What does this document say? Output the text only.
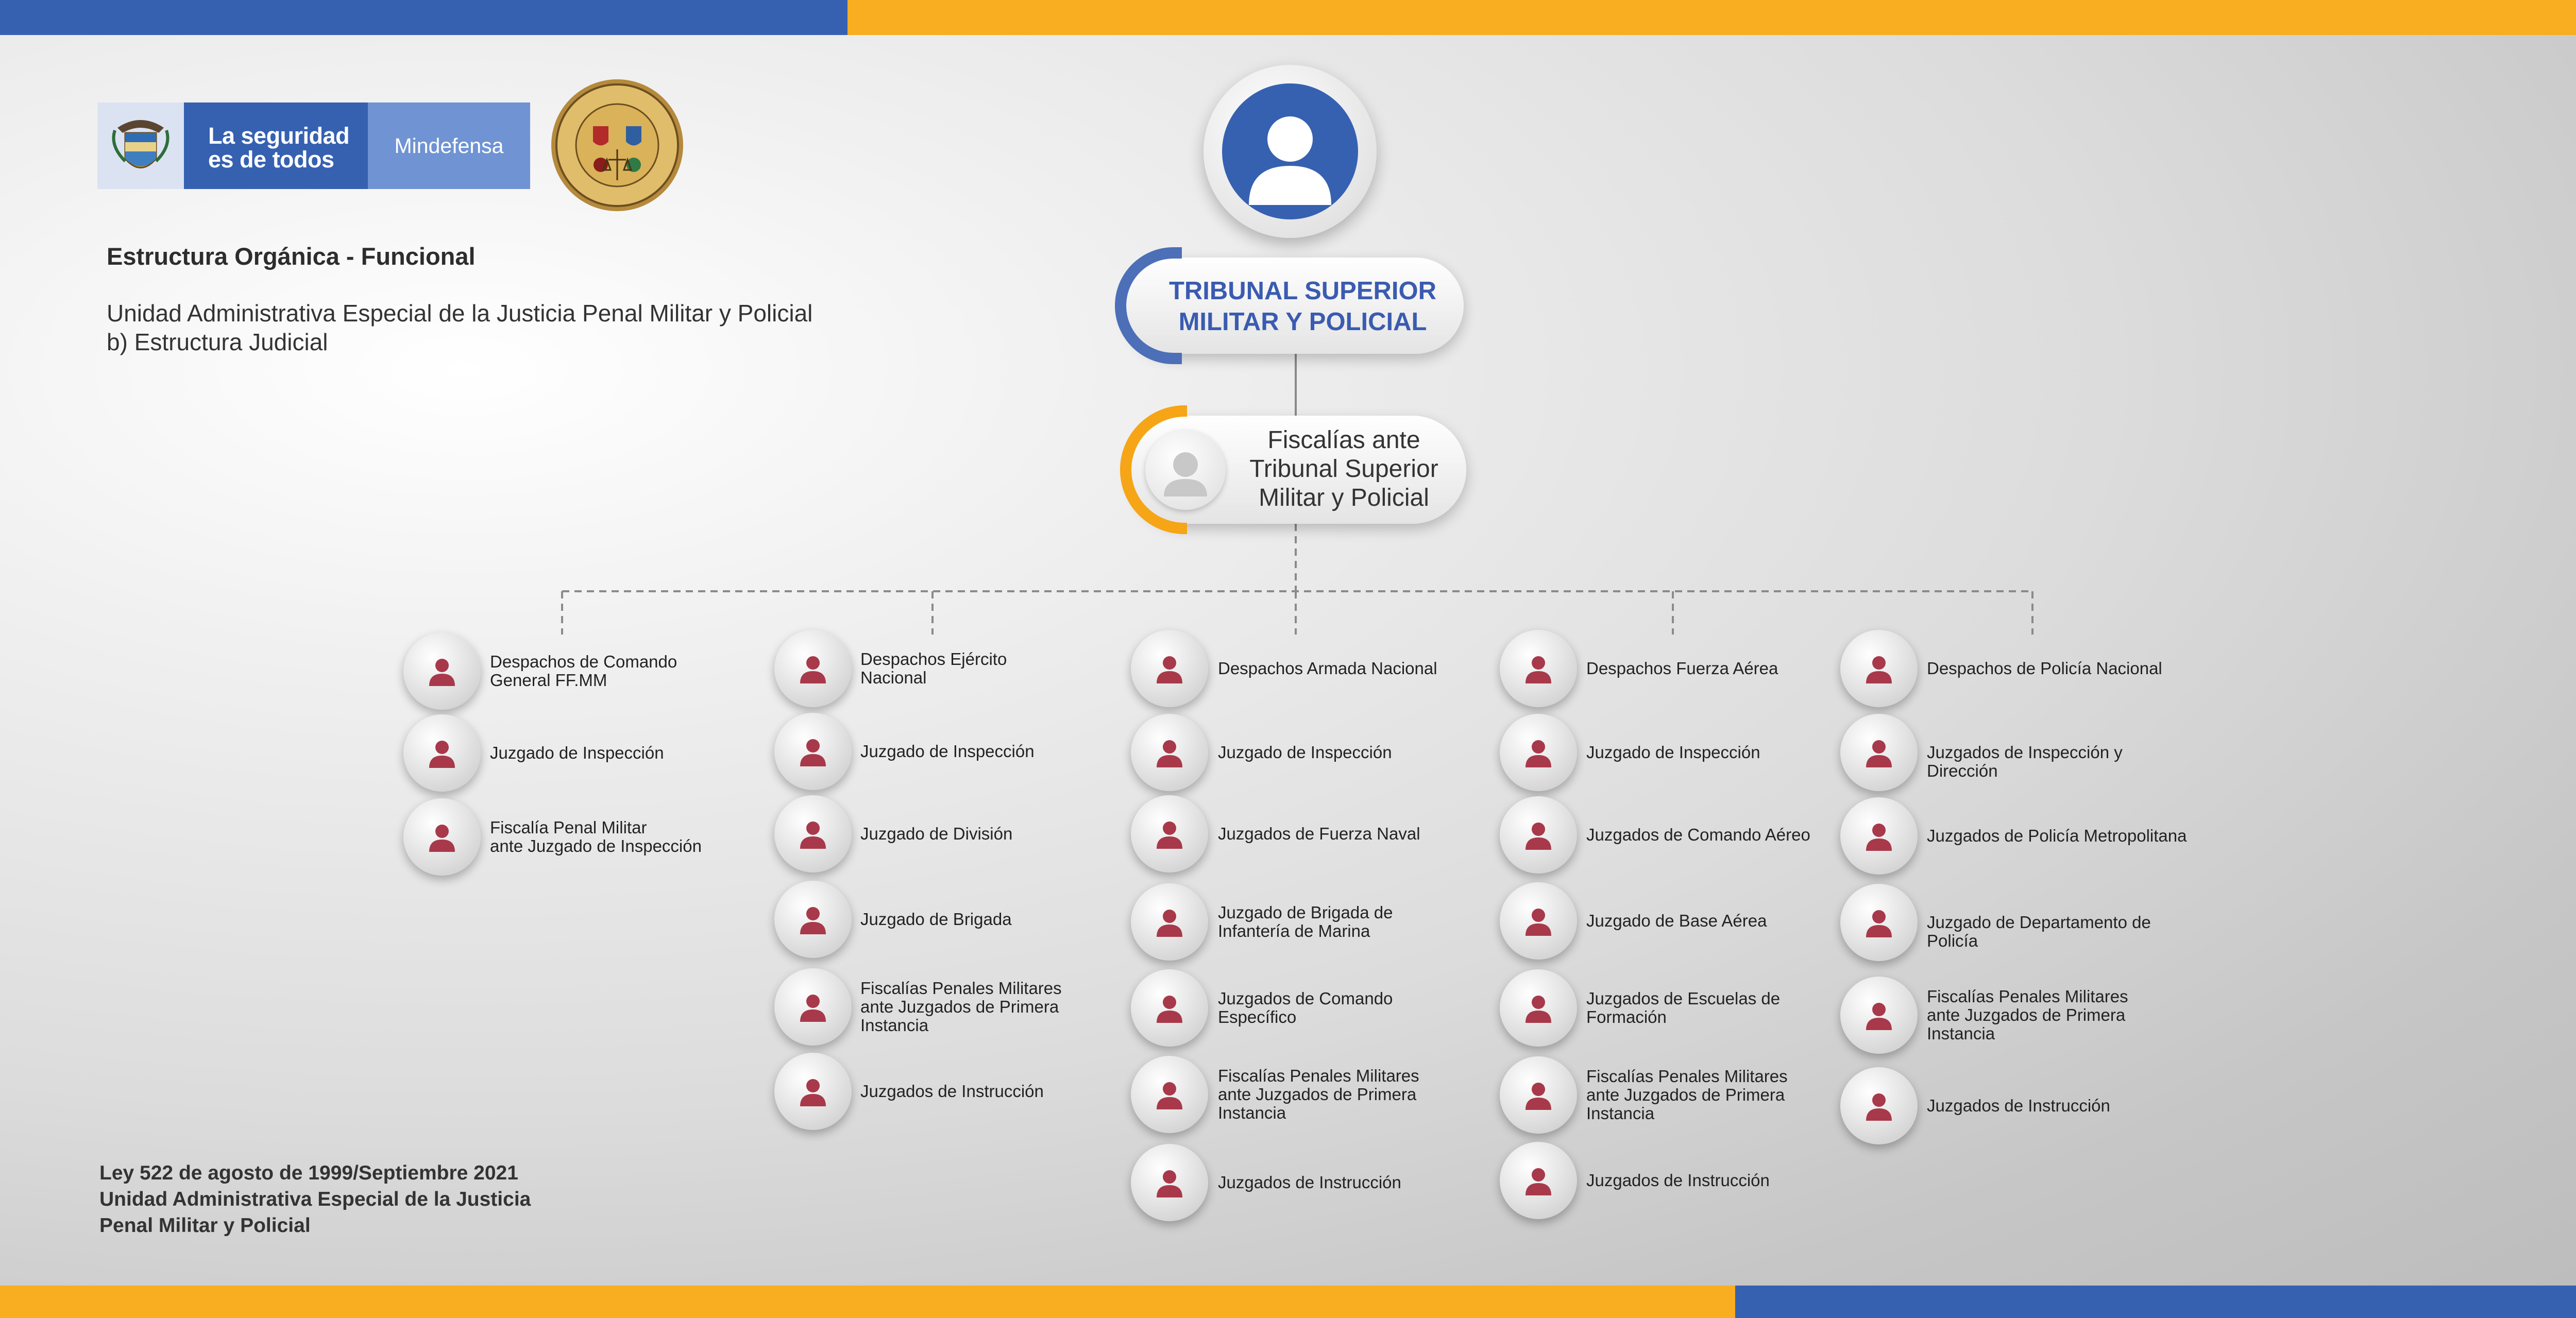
La seguridad
es de todos
Mindefensa
Estructura Orgánica - Funcional
Unidad Administrativa Especial de la Justicia Penal Militar y Policial
b) Estructura Judicial
Ley 522 de agosto de 1999/Septiembre 2021
Unidad Administrativa Especial de la Justicia
Penal Militar y Policial
TRIBUNAL SUPERIOR
MILITAR Y POLICIAL
Fiscalías ante
Tribunal Superior
Militar y Policial
Despachos de Comando
General FF.MM
Juzgado de Inspección
Fiscalía Penal Militar
ante Juzgado de Inspección
Despachos Ejército
Nacional
Juzgado de Inspección
Juzgado de División
Juzgado de Brigada
Fiscalías Penales Militares
ante Juzgados de Primera
Instancia
Juzgados de Instrucción
Despachos Armada Nacional
Juzgado de Inspección
Juzgados de Fuerza Naval
Juzgado de Brigada de
Infantería de Marina
Juzgados de Comando
Específico
Fiscalías Penales Militares
ante Juzgados de Primera
Instancia
Juzgados de Instrucción
Despachos Fuerza Aérea
Juzgado de Inspección
Juzgados de Comando Aéreo
Juzgado de Base Aérea
Juzgados de Escuelas de
Formación
Fiscalías Penales Militares
ante Juzgados de Primera
Instancia
Juzgados de Instrucción
Despachos de Policía Nacional
Juzgados de Inspección y Dirección
Juzgados de Policía Metropolitana
Juzgado de Departamento de Policía
Fiscalías Penales Militares
ante Juzgados de Primera
Instancia
Juzgados de Instrucción
